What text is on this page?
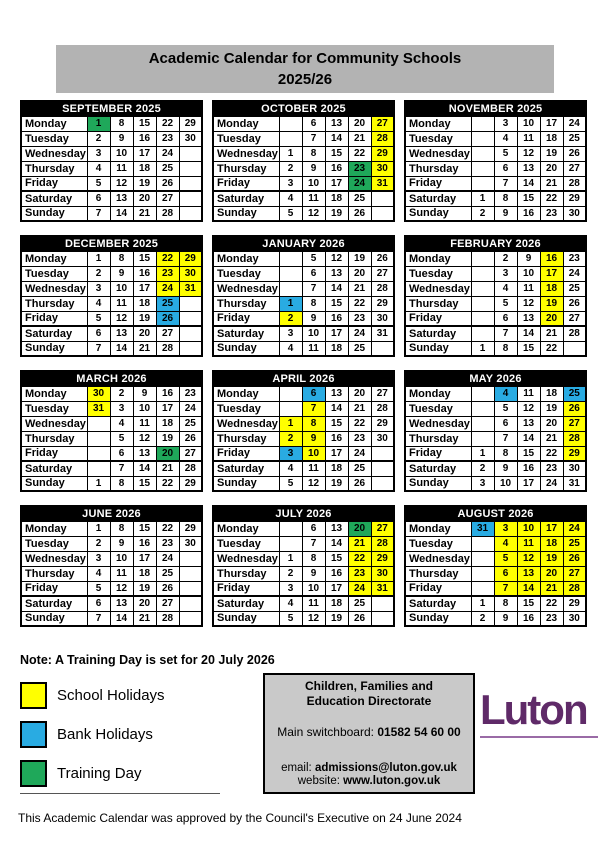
Academic Calendar for Community Schools
2025/26
SEPTEMBER 2025					
Monday	1	8	15	22	29
Tuesday	2	9	16	23	30
Wednesday	3	10	17	24	
Thursday	4	11	18	25	
Friday	5	12	19	26	
Saturday	6	13	20	27	
Sunday	7	14	21	28	
OCTOBER 2025					
Monday		6	13	20	27
Tuesday		7	14	21	28
Wednesday	1	8	15	22	29
Thursday	2	9	16	23	30
Friday	3	10	17	24	31
Saturday	4	11	18	25	
Sunday	5	12	19	26	
NOVEMBER 2025					
Monday		3	10	17	24
Tuesday		4	11	18	25
Wednesday		5	12	19	26
Thursday		6	13	20	27
Friday		7	14	21	28
Saturday	1	8	15	22	29
Sunday	2	9	16	23	30
DECEMBER 2025					
Monday	1	8	15	22	29
Tuesday	2	9	16	23	30
Wednesday	3	10	17	24	31
Thursday	4	11	18	25	
Friday	5	12	19	26	
Saturday	6	13	20	27	
Sunday	7	14	21	28	
JANUARY 2026					
Monday		5	12	19	26
Tuesday		6	13	20	27
Wednesday		7	14	21	28
Thursday	1	8	15	22	29
Friday	2	9	16	23	30
Saturday	3	10	17	24	31
Sunday	4	11	18	25	
FEBRUARY 2026					
Monday		2	9	16	23
Tuesday		3	10	17	24
Wednesday		4	11	18	25
Thursday		5	12	19	26
Friday		6	13	20	27
Saturday		7	14	21	28
Sunday	1	8	15	22	
MARCH 2026					
Monday	30	2	9	16	23
Tuesday	31	3	10	17	24
Wednesday		4	11	18	25
Thursday		5	12	19	26
Friday		6	13	20	27
Saturday		7	14	21	28
Sunday	1	8	15	22	29
APRIL 2026					
Monday		6	13	20	27
Tuesday		7	14	21	28
Wednesday	1	8	15	22	29
Thursday	2	9	16	23	30
Friday	3	10	17	24	
Saturday	4	11	18	25	
Sunday	5	12	19	26	
MAY 2026					
Monday		4	11	18	25
Tuesday		5	12	19	26
Wednesday		6	13	20	27
Thursday		7	14	21	28
Friday	1	8	15	22	29
Saturday	2	9	16	23	30
Sunday	3	10	17	24	31
JUNE 2026					
Monday	1	8	15	22	29
Tuesday	2	9	16	23	30
Wednesday	3	10	17	24	
Thursday	4	11	18	25	
Friday	5	12	19	26	
Saturday	6	13	20	27	
Sunday	7	14	21	28	
JULY 2026					
Monday		6	13	20	27
Tuesday		7	14	21	28
Wednesday	1	8	15	22	29
Thursday	2	9	16	23	30
Friday	3	10	17	24	31
Saturday	4	11	18	25	
Sunday	5	12	19	26	
AUGUST 2026					
Monday	31	3	10	17	24
Tuesday		4	11	18	25
Wednesday		5	12	19	26
Thursday		6	13	20	27
Friday		7	14	21	28
Saturday	1	8	15	22	29
Sunday	2	9	16	23	30
Note: A Training Day is set for 20 July 2026
School Holidays
Bank Holidays
Training Day
Children, Families and Education Directorate
Main switchboard: 01582 54 60 00
email: admissions@luton.gov.uk
website: www.luton.gov.uk
Luton
This Academic Calendar was approved by the Council's Executive on 24 June 2024
